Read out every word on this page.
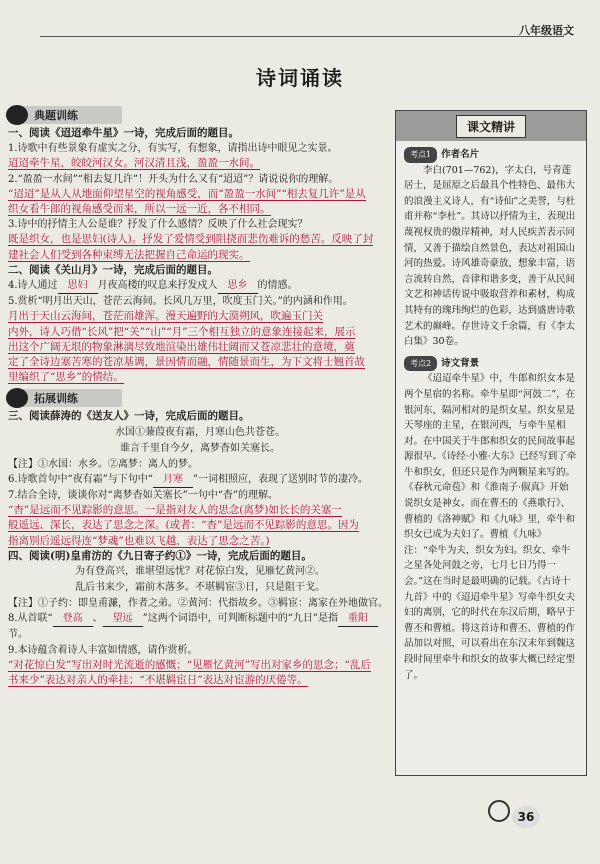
八年级语文
诗词诵读
典题训练
一、阅读《迢迢牵牛星》一诗，完成后面的题目。
1.诗歌中有些景象有虚实之分，有实写，有想象，请指出诗中眼见之实景。
迢迢牵牛星，皎皎河汉女。河汉清且浅，盈盈一水间。
2.“盈盈一水间”“相去复几许”！开头为什么又有“迢迢”？请说说你的理解。
“迢迢”是从人从地面仰望星空的视角感受，而“盈盈一水间”“相去复几许”是从
织女看牛郎的视角感受而来，所以一远一近，各不相同。
3.诗中的抒情主人公是谁？抒发了什么感情？反映了什么社会现实？
既是织女，也是思妇(诗人)。抒发了爱情受到阻挠而悲伤难诉的愁苦。反映了封
建社会人们受到各种束缚无法把握自己命运的现实。
二、阅读《关山月》一诗，完成后面的题目。
4.诗人通过 思妇 月夜高楼的叹息来抒发戍人 思乡 的情感。
5.赏析“明月出天山，苍茫云海间。长风几万里，吹度玉门关。”的内涵和作用。
月出于天山云海间，苍茫而雄浑。漫天遍野的大漠朔风，吹遍玉门关
内外，诗人巧借“长风”把“关”“山”“月”三个相互独立的意象连接起来，展示
出这个广阔无垠的物象淋漓尽致地渲染出雄伟壮阔而又苍凉悲壮的意境，奠
定了全诗边塞苦寒的苍凉基调，景因情而融，情随景而生，为下文将士翘首故
里编织了“思乡”的情结。
拓展训练
三、阅读薛涛的《送友人》一诗，完成后面的题目。
水国①蒹葭夜有霜，月寒山色共苍苍。
谁言千里自今夕，离梦杳如关塞长。
【注】①水国：水乡。②离梦：离人的梦。
6.诗歌首句中“夜有霜”与下句中“ 月寒 ”一词相照应，表现了送别时节的凄冷。
7.结合全诗，谈谈你对“离梦杳如关塞长”一句中“杳”的理解。
“杳”是远而不见踪影的意思。一是指对友人的思念(离梦)如长长的关塞一
般遥远、深长，表达了思念之深。(或者：“杳”是远而不见踪影的意思。因为
指离别后遥远得连“梦魂”也难以飞越，表达了思念之苦。)
四、阅读(明)皇甫汸的《九日寄子约①》一诗，完成后面的题目。
为有登高兴，谁堪望远忧？对花惊白发，见雁忆黄河②。
乱后书来少，霜前木落多。不堪羁宦③日，只是阻干戈。
【注】①子约：即皇甫濂，作者之弟。②黄河：代指故乡。③羁宦：离家在外地做官。
8.从首联“ 登高 、 望远 ”这两个词语中，可判断标题中的“九日”是指 重阳节。
9.本诗蕴含着诗人丰富如情感，请作赏析。
“对花惊白发”写出对时光流逝的感慨；“见雁忆黄河”写出对家乡的思念；“乱后
书来少”表达对亲人的牵挂；“不堪羁宦日”表达对宦游的厌倦等。
课文精讲
考点1 作者名片
李白(701—762)，字太白，号青莲居士，是屈原之后最具个性特色、最伟大的浪漫主义诗人，有“诗仙”之美誉，与杜甫并称“李杜”。其诗以抒情为主，表现出蔑视权贵的傲岸精神，对人民疾苦表示同情，又善于描绘自然景色，表达对祖国山河的热爱。诗风雄奇豪放，想象丰富，语言流转自然，音律和谐多变，善于从民间文艺和神话传说中吸取营养和素材，构成其特有的瑰玮绚烂的色彩，达到盛唐诗歌艺术的巅峰。存世诗文千余篇，有《李太白集》30卷。
考点2 诗文背景
《迢迢牵牛星》中，牛郎和织女本是两个星宿的名称。牵牛星即“河鼓二”，在银河东，隔河相对的是织女星。织女星是天琴座的主星，在银河西，与牵牛星相对。在中国关于牛郎和织女的民间故事起源很早。《诗经·小雅·大东》已经写到了牵牛和织女，但还只是作为两颗星来写的。《春秋元命苞》和《淮南子·俶真》开始说织女是神女。而在曹丕的《燕歌行》、曹植的《洛神赋》和《九咏》里，牵牛和织女已成为夫妇了。曹植《九咏》注：“牵牛为夫，织女为妇。织女、牵牛之星各处河鼓之旁，七月七日乃得一会。”这在当时是最明确的记载。《古诗十九首》中的《迢迢牵牛星》写牵牛织女夫妇的离别，它的时代在东汉后期，略早于曹丕和曹植。将这首诗和曹丕、曹植的作品加以对照，可以看出在东汉末年到魏这段时间里牵牛和织女的故事大概已经定型了。
36
